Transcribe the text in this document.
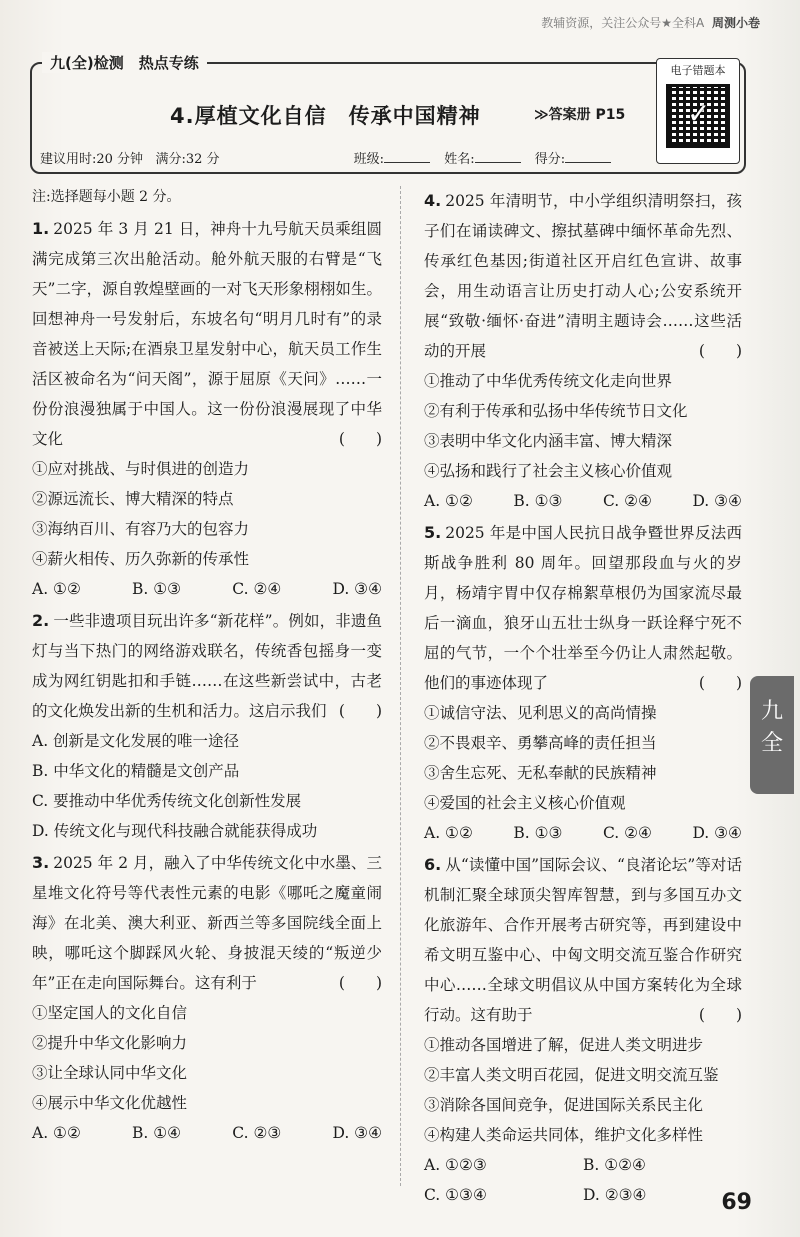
教辅资源，关注公众号★全科A 周测小卷
九(全)检测　热点专练
4.厚植文化自信　传承中国精神	≫答案册 P15
建议用时:20 分钟 满分:32 分	班级:	姓名:	得分:
电子错题本
✓
注:选择题每小题 2 分。
1. 2025 年 3 月 21 日，神舟十九号航天员乘组圆满完成第三次出舱活动。舱外航天服的右臂是“飞天”二字，源自敦煌壁画的一对飞天形象栩栩如生。回想神舟一号发射后，东坡名句“明月几时有”的录音被送上天际;在酒泉卫星发射中心，航天员工作生活区被命名为“问天阁”，源于屈原《天问》……一份份浪漫独属于中国人。这一份份浪漫展现了中华文化	(　　)
①应对挑战、与时俱进的创造力
②源远流长、博大精深的特点
③海纳百川、有容乃大的包容力
④薪火相传、历久弥新的传承性
A. ①②	B. ①③	C. ②④	D. ③④
2. 一些非遗项目玩出许多“新花样”。例如，非遗鱼灯与当下热门的网络游戏联名，传统香包摇身一变成为网红钥匙扣和手链……在这些新尝试中，古老的文化焕发出新的生机和活力。这启示我们 (　　)
A. 创新是文化发展的唯一途径
B. 中华文化的精髓是文创产品
C. 要推动中华优秀传统文化创新性发展
D. 传统文化与现代科技融合就能获得成功
3. 2025 年 2 月，融入了中华传统文化中水墨、三星堆文化符号等代表性元素的电影《哪吒之魔童闹海》在北美、澳大利亚、新西兰等多国院线全面上映，哪吒这个脚踩风火轮、身披混天绫的“叛逆少年”正在走向国际舞台。这有利于	(　　)
①坚定国人的文化自信
②提升中华文化影响力
③让全球认同中华文化
④展示中华文化优越性
A. ①②	B. ①④	C. ②③	D. ③④
4. 2025 年清明节，中小学组织清明祭扫，孩子们在诵读碑文、擦拭墓碑中缅怀革命先烈、传承红色基因;街道社区开启红色宣讲、故事会，用生动语言让历史打动人心;公安系统开展“致敬·缅怀·奋进”清明主题诗会……这些活动的开展	(　　)
①推动了中华优秀传统文化走向世界
②有利于传承和弘扬中华传统节日文化
③表明中华文化内涵丰富、博大精深
④弘扬和践行了社会主义核心价值观
A. ①②	B. ①③	C. ②④	D. ③④
5. 2025 年是中国人民抗日战争暨世界反法西斯战争胜利 80 周年。回望那段血与火的岁月，杨靖宇胃中仅存棉絮草根仍为国家流尽最后一滴血，狼牙山五壮士纵身一跃诠释宁死不屈的气节，一个个壮举至今仍让人肃然起敬。他们的事迹体现了	(　　)
①诚信守法、见利思义的高尚情操
②不畏艰辛、勇攀高峰的责任担当
③舍生忘死、无私奉献的民族精神
④爱国的社会主义核心价值观
A. ①②	B. ①③	C. ②④	D. ③④
6. 从“读懂中国”国际会议、“良渚论坛”等对话机制汇聚全球顶尖智库智慧，到与多国互办文化旅游年、合作开展考古研究等，再到建设中希文明互鉴中心、中匈文明交流互鉴合作研究中心……全球文明倡议从中国方案转化为全球行动。这有助于	(　　)
①推动各国增进了解，促进人类文明进步
②丰富人类文明百花园，促进文明交流互鉴
③消除各国间竞争，促进国际关系民主化
④构建人类命运共同体，维护文化多样性
A. ①②③	B. ①②④
C. ①③④	D. ②③④
九
全
69
